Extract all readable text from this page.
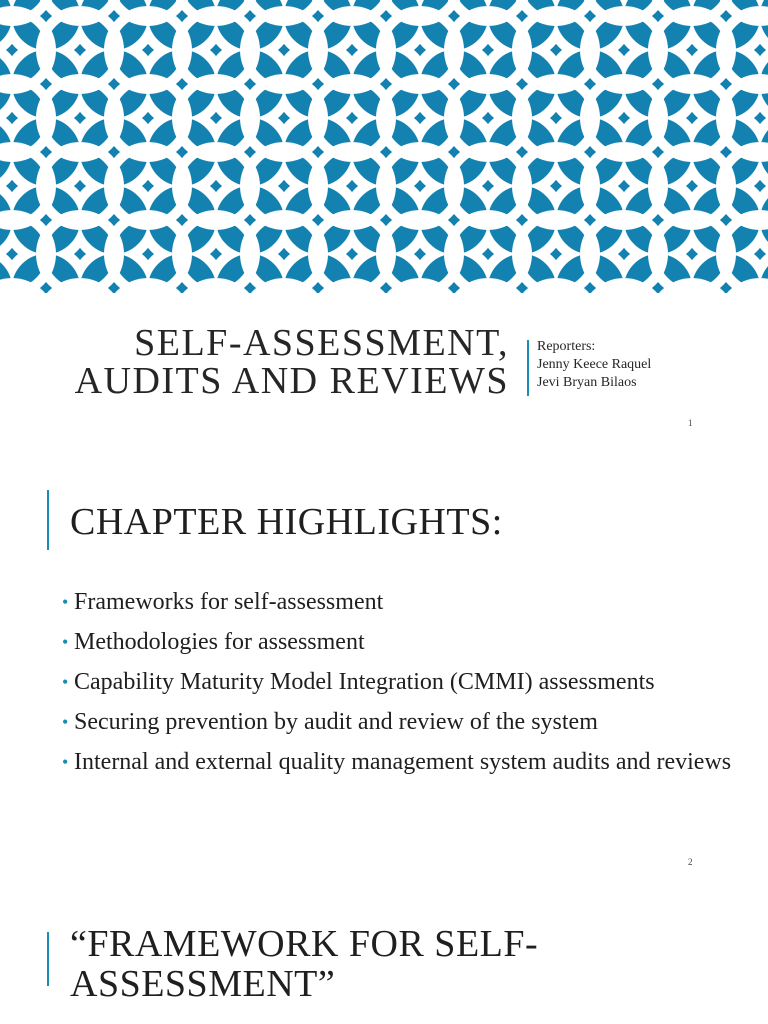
SELF-ASSESSMENT,
AUDITS AND REVIEWS
Reporters:
Jenny Keece Raquel
Jevi Bryan Bilaos
1
CHAPTER HIGHLIGHTS:
• Frameworks for self-assessment
• Methodologies for assessment
• Capability Maturity Model Integration (CMMI) assessments
• Securing prevention by audit and review of the system
• Internal and external quality management system audits and reviews
2
“FRAMEWORK FOR SELF-
ASSESSMENT”
